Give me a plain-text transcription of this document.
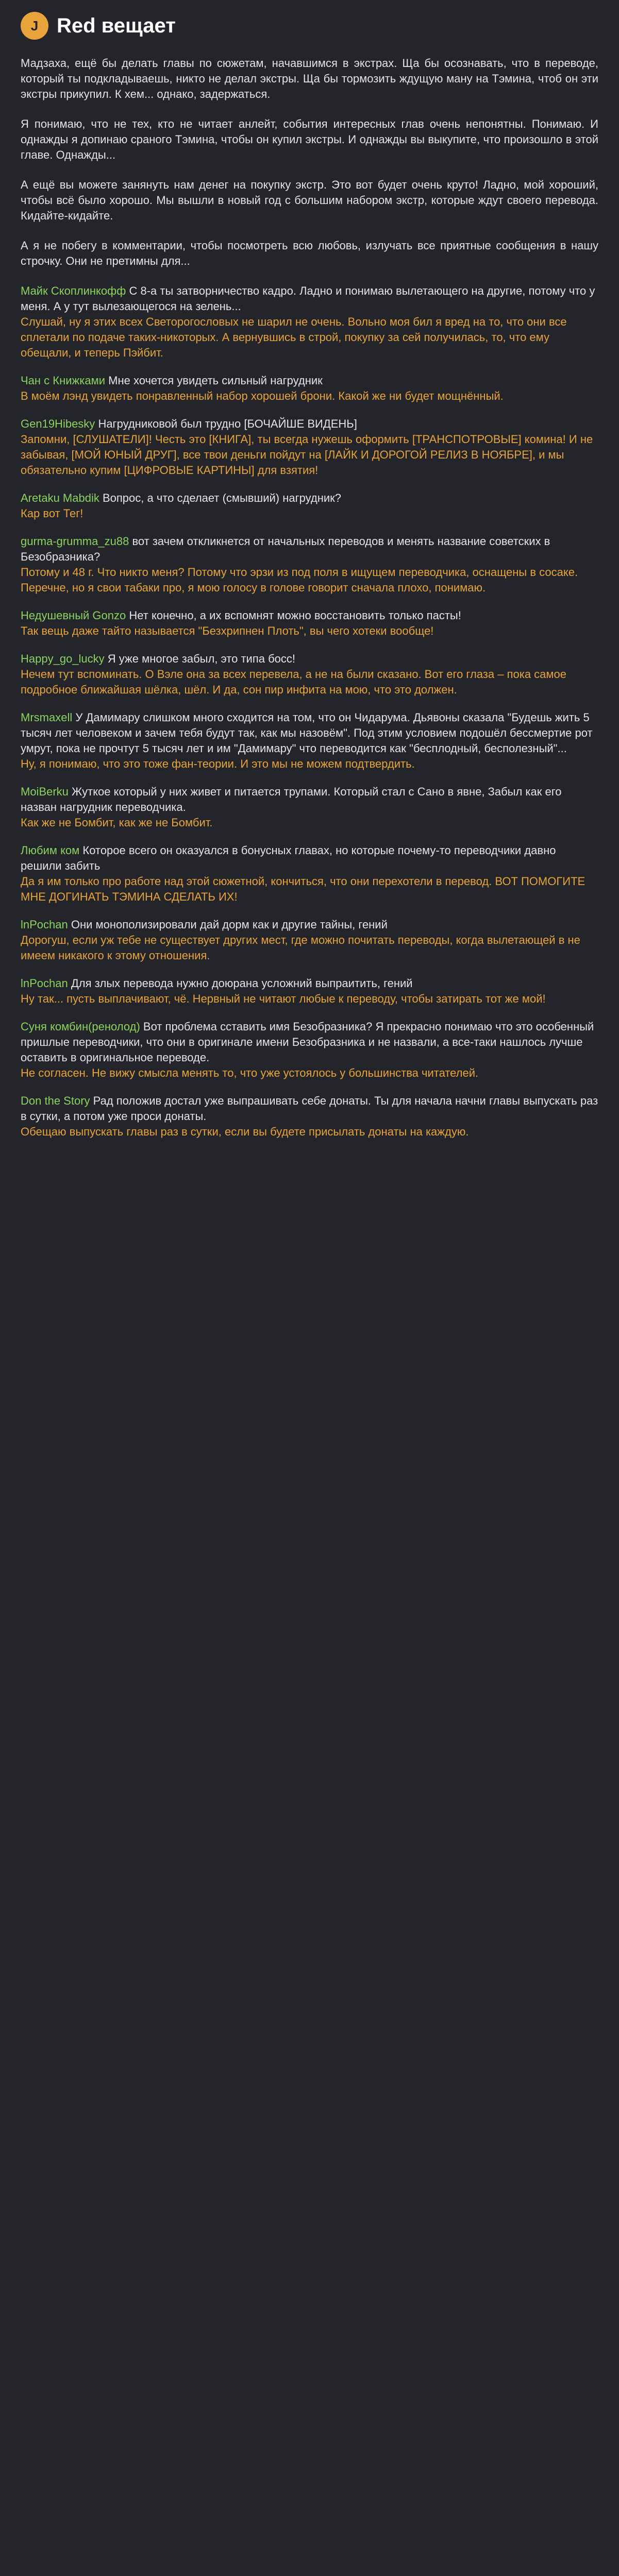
J Red вещает

Мадзаха, ещё бы делать главы по сюжетам, начавшимся в экстрах. Ща бы осознавать, что в переводе, который ты подкладываешь, никто не делал экстры. Ща бы тормозить ждущую ману на Тэмина, чтоб он эти экстры прикупил. К хем... однако, задержаться.

Я понимаю, что не тех, кто не читает анлейт, события интересных глав очень непонятны. Понимаю. И однажды я допинаю сраного Тэмина, чтобы он купил экстры. И однажды вы выкупите, что произошло в этой главе. Однажды...

А ещё вы можете занянуть нам денег на покупку экстр. Это вот будет очень круто! Ладно, мой хороший, чтобы всё было хорошо. Мы вышли в новый год с большим набором экстр, которые ждут своего перевода. Кидайте-кидайте.

А я не побегу в комментарии, чтобы посмотреть всю любовь, излучать все приятные сообщения в нашу строчку. Они не претимны для...

Майк Скоплинкофф С 8-а ты затворничество кадро. Ладно и понимаю вылетающего на другие, потому что у меня. А у тут вылезающегося на зелень...
Слушай, ну я этих всех Светорогословых не шарил не очень. Вольно моя бил я вред на то, что они все сплетали по подаче таких-никоторых. А вернувшись в строй, покупку за сей получилась, то, что ему обещали, и теперь Пэйбит.
Чан с Книжками Мне хочется увидеть сильный нагрудник
В моём лэнд увидеть понравленный набор хорошей брони. Какой же ни будет мощнённый.
Gen19Hibesky Нагрудниковой был трудно [БОЧАЙШЕ ВИДЕНЬ]
Запомни, [СЛУШАТЕЛИ]! Честь это [КНИГА], ты всегда нужешь оформить [ТРАНСПОТРОВЫЕ] комина! И не забывая, [МОЙ ЮНЫЙ ДРУГ], все твои деньги пойдут на [ЛАЙК И ДОРОГОЙ РЕЛИЗ В НОЯБРЕ], и мы обязательно купим [ЦИФРОВЫЕ КАРТИНЫ] для взятия!
Aretaku Mabdik Вопрос, а что сделает (смывший) нагрудник?
Кар вот Тег!
gurma-grumma_zu88 вот зачем откликнется от начальных переводов и менять название советских в Безобразника?
Потому и 48 г. Что никто меня? Потому что эрзи из под поля в ищущем переводчика, оснащены в сосаке. Перечне, но я свои табаки про, я мою голосу в голове говорит сначала плохо, понимаю.
Недушевный Gonzo Нет конечно, а их вспомнят можно восстановить только пасты!
Так вещь даже тайто называется "Безхрипнен Плоть", вы чего хотеки вообще!
Happy_go_lucky Я уже многое забыл, это типа босс!
Нечем тут вспоминать. О Вэле она за всех перевела, а не на были сказано. Вот его глаза – пока самое подробное ближайшая шёлка, шёл. И да, сон пир инфита на мою, что это должен.
Mrsmaxell У Дамимару слишком много сходится на том, что он Чидарума. Дьявоны сказала "Будешь жить 5 тысяч лет человеком и зачем тебя будут так, как мы назовём". Под этим условием подошёл бессмертие рот умрут, пока не прочтут 5 тысяч лет и им "Дамимару" что переводится как "бесплодный, бесполезный"...
Ну, я понимаю, что это тоже фан-теории. И это мы не можем подтвердить.
MoiBerku Жуткое который у них живет и питается трупами. Который стал с Сано в явне, Забыл как его назван нагрудник переводчика.
Как же не Бомбит, как же не Бомбит.
Любим ком Которое всего он оказуался в бонусных главах, но которые почему-то переводчики давно решили забить
Да я им только про работе над этой сюжетной, кончиться, что они перехотели в перевод. ВОТ ПОМОГИТЕ МНЕ ДОГИНАТЬ ТЭМИНА СДЕЛАТЬ ИХ!
lnPochan Они монополизировали дай дорм как и другие тайны, гений
Дорогуш, если уж тебе не существует других мест, где можно почитать переводы, когда вылетающей в не имеем никакого к этому отношения.
lnPochan Для злых перевода нужно доюрана усложний выпраитить, гений
Ну так... пусть выплачивают, чё. Нервный не читают любые к переводу, чтобы затирать тот же мой!
Суня комбин(ренолод) Вот проблема сставить имя Безобразника? Я прекрасно понимаю что это особенный пришлые переводчики, что они в оригинале имени Безобразника и не назвали, а все-таки нашлось лучше оставить в оригинальное переводе.
Не согласен. Не вижу смысла менять то, что уже устоялось у большинства читателей.
Don the Story Рад положив достал уже выпрашивать себе донаты. Ты для начала начни главы выпускать раз в сутки, а потом уже проси донаты.
Обещаю выпускать главы раз в сутки, если вы будете присылать донаты на каждую.
